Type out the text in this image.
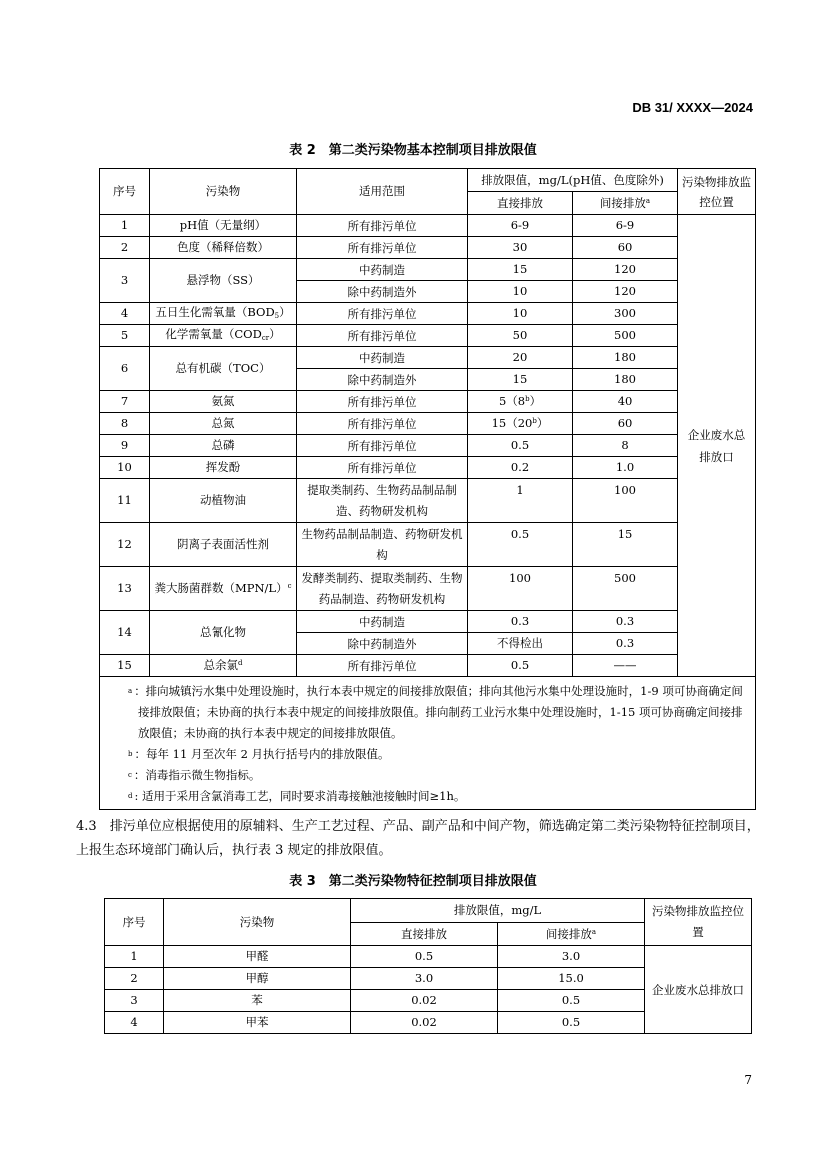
DB 31/ XXXX—2024
表 2　第二类污染物基本控制项目排放限值
序号	污染物	适用范围	排放限值，mg/L(pH值、色度除外)		污染物排放监控位置
			直接排放	间接排放$^a$
1	pH值（无量纲）	所有排污单位	6-9	6-9	企业废水总排放口
2	色度（稀释倍数）	所有排污单位	30	60	
3	悬浮物（SS）	中药制造	15	120	
		除中药制造外	10	120	
4	五日生化需氧量（BOD5）	所有排污单位	10	300	
5	化学需氧量（CODcr）	所有排污单位	50	500	
6	总有机碳（TOC）	中药制造	20	180	
		除中药制造外	15	180	
7	氨氮	所有排污单位	5（8$^b$）	40	
8	总氮	所有排污单位	15（20$^b$）	60	
9	总磷	所有排污单位	0.5	8	
10	挥发酚	所有排污单位	0.2	1.0	
11	动植物油	提取类制药、生物药品制品制造、药物研发机构	1	100	
12	阴离子表面活性剂	生物药品制品制造、药物研发机构	0.5	15	
13	粪大肠菌群数$(MPN/L)^c$	发酵类制药、提取类制药、生物药品制造、药物研发机构	100	500	
14	总氰化物	中药制造	0.3	0.3	
		除中药制造外	不得检出	0.3	
15	总余氯$^d$	所有排污单位	0.5	——	

$^a$ ：排向城镇污水集中处理设施时，执行本表中规定的间接排放限值；排向其他污水集中处理设施时，1-9 项可协商确定间接排放限值；未协商的执行本表中规定的间接排放限值。排向制药工业污水集中处理设施时，1-15 项可协商确定间接排放限值；未协商的执行本表中规定的间接排放限值。
$^b$ ：每年 11 月至次年 2 月执行括号内的排放限值。
$^c$ ：消毒指示微生物指标。
$^d$ : 适用于采用含氯消毒工艺，同时要求消毒接触池接触时间≥1h。					
4.3　 排污单位应根据使用的原辅料、生产工艺过程、产品、副产品和中间产物，筛选确定第二类污染物特征控制项目，上报生态环境部门确认后，执行表 3 规定的排放限值。
表 3　第二类污染物特征控制项目排放限值
序号	污染物	排放限值，mg/L		污染物排放监控位置
		直接排放	间接排放$^a$
1	甲醛	0.5	3.0	企业废水总排放口
2	甲醇	3.0	15.0	
3	苯	0.02	0.5	
4	甲苯	0.02	0.5	
7
